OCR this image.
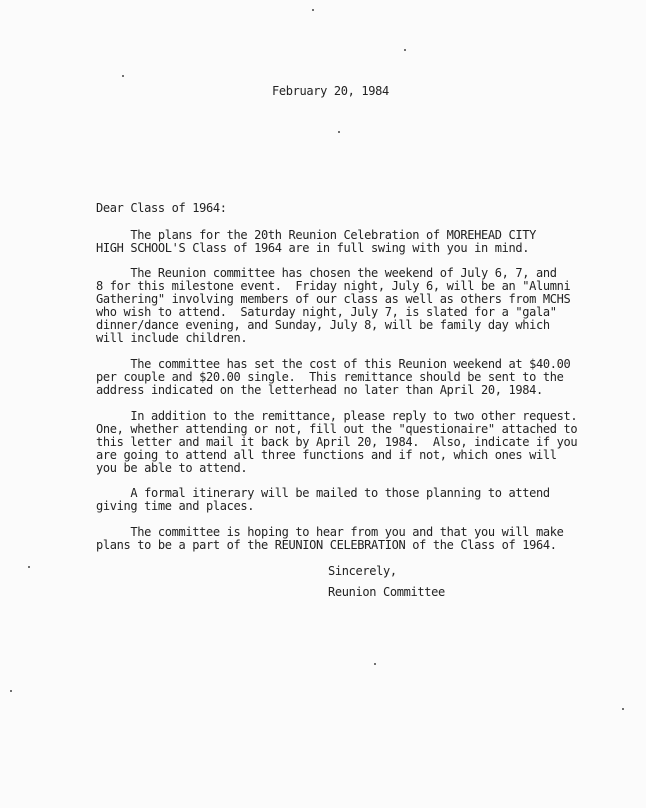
February 20, 1984
Dear Class of 1964:
The plans for the 20th Reunion Celebration of MOREHEAD CITY
HIGH SCHOOL'S Class of 1964 are in full swing with you in mind.
The Reunion committee has chosen the weekend of July 6, 7, and
8 for this milestone event.  Friday night, July 6, will be an "Alumni
Gathering" involving members of our class as well as others from MCHS
who wish to attend.  Saturday night, July 7, is slated for a "gala"
dinner/dance evening, and Sunday, July 8, will be family day which
will include children.
The committee has set the cost of this Reunion weekend at $40.00
per couple and $20.00 single.  This remittance should be sent to the
address indicated on the letterhead no later than April 20, 1984.
In addition to the remittance, please reply to two other request.
One, whether attending or not, fill out the "questionaire" attached to
this letter and mail it back by April 20, 1984.  Also, indicate if you
are going to attend all three functions and if not, which ones will
you be able to attend.
A formal itinerary will be mailed to those planning to attend
giving time and places.
The committee is hoping to hear from you and that you will make
plans to be a part of the REUNION CELEBRATION of the Class of 1964.
Sincerely,
Reunion Committee
